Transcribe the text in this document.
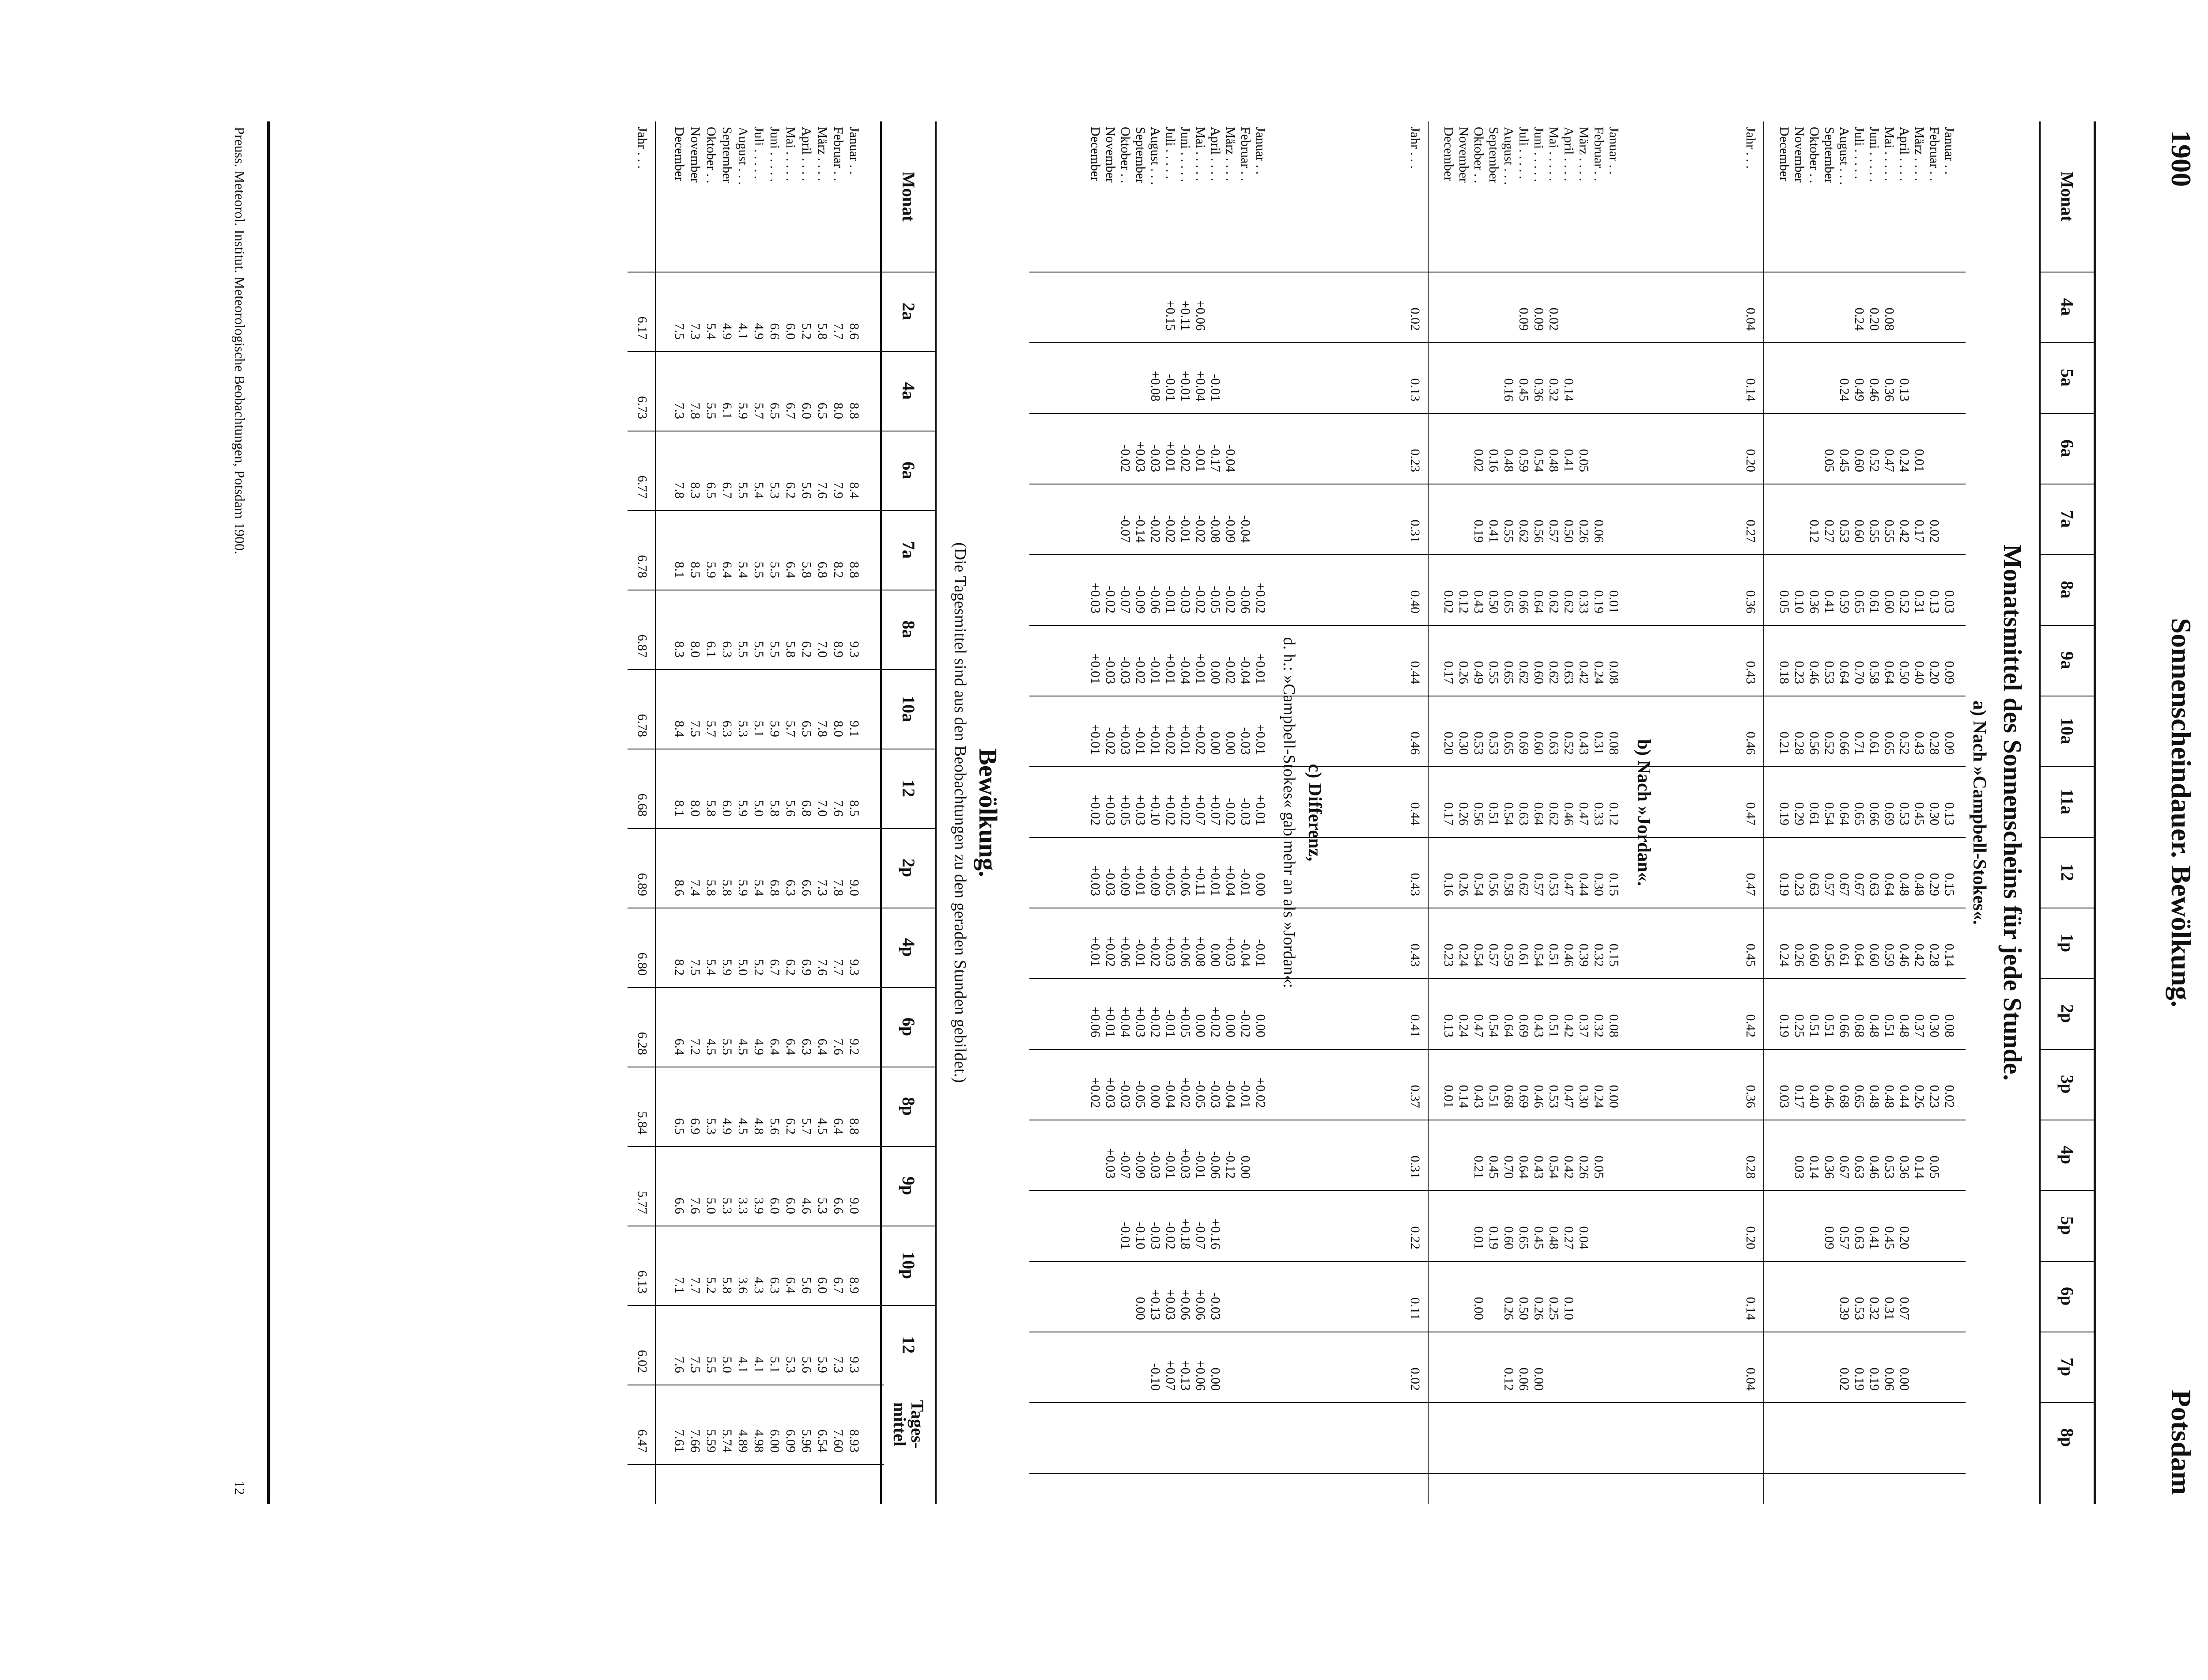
1900
Sonnenscheindauer. Bewölkung.
Potsdam
Monat
4a
5a
6a
7a
8a
9a
10a
11a
12
1p
2p
3p
4p
5p
6p
7p
8p
Monatsmittel des Sonnenscheins für jede Stunde.
a) Nach »Campbell-Stokes«.
Januar . .
0.03
0.09
0.09
0.13
0.15
0.14
0.08
0.02
Februar . .
0.02
0.13
0.20
0.28
0.30
0.29
0.28
0.30
0.23
0.05
März . . . .
0.01
0.17
0.31
0.40
0.43
0.45
0.48
0.42
0.37
0.26
0.14
April . . . .
0.13
0.24
0.42
0.52
0.50
0.52
0.53
0.48
0.46
0.48
0.44
0.36
0.20
0.07
0.00
Mai . . . . .
0.08
0.36
0.47
0.55
0.60
0.64
0.65
0.69
0.64
0.59
0.51
0.48
0.53
0.45
0.31
0.06
Juni . . . . .
0.20
0.46
0.52
0.55
0.61
0.58
0.61
0.66
0.63
0.60
0.48
0.48
0.46
0.41
0.32
0.19
Juli . . . . .
0.24
0.49
0.60
0.60
0.65
0.70
0.71
0.65
0.67
0.64
0.68
0.65
0.63
0.63
0.53
0.19
August . . .
0.24
0.45
0.53
0.59
0.64
0.66
0.64
0.67
0.61
0.66
0.68
0.67
0.57
0.39
0.02
September
0.05
0.27
0.41
0.53
0.52
0.54
0.57
0.56
0.51
0.46
0.36
0.09
Oktober . .
0.12
0.36
0.46
0.56
0.61
0.63
0.60
0.51
0.40
0.14
November
0.10
0.23
0.28
0.29
0.23
0.26
0.25
0.17
0.03
December
0.05
0.18
0.21
0.19
0.19
0.24
0.19
0.03
Jahr . . .
0.04
0.14
0.20
0.27
0.36
0.43
0.46
0.47
0.47
0.45
0.42
0.36
0.28
0.20
0.14
0.04
b) Nach »Jordan«.
Januar . .
0.01
0.08
0.08
0.12
0.15
0.15
0.08
0.00
Februar . .
0.06
0.19
0.24
0.31
0.33
0.30
0.32
0.32
0.24
0.05
März . . . .
0.05
0.26
0.33
0.42
0.43
0.47
0.44
0.39
0.37
0.30
0.26
0.04
April . . . .
0.14
0.41
0.50
0.62
0.63
0.52
0.46
0.47
0.46
0.42
0.47
0.42
0.27
0.10
Mai . . . . .
0.02
0.32
0.48
0.57
0.62
0.62
0.63
0.62
0.53
0.51
0.51
0.53
0.54
0.48
0.25
Juni . . . . .
0.09
0.36
0.54
0.56
0.64
0.60
0.60
0.64
0.57
0.54
0.43
0.46
0.43
0.45
0.26
0.00
Juli . . . . .
0.09
0.45
0.59
0.62
0.66
0.62
0.69
0.63
0.62
0.61
0.69
0.69
0.64
0.65
0.50
0.06
August . . .
0.16
0.48
0.55
0.65
0.65
0.65
0.54
0.58
0.59
0.64
0.68
0.70
0.60
0.26
0.12
September
0.16
0.41
0.50
0.55
0.53
0.51
0.56
0.57
0.54
0.51
0.45
0.19
Oktober . .
0.02
0.19
0.43
0.49
0.53
0.56
0.54
0.54
0.47
0.43
0.21
0.01
0.00
November
0.12
0.26
0.30
0.26
0.26
0.24
0.24
0.14
December
0.02
0.17
0.20
0.17
0.16
0.23
0.13
0.01
Jahr . . .
0.02
0.13
0.23
0.31
0.40
0.44
0.46
0.44
0.43
0.43
0.41
0.37
0.31
0.22
0.11
0.02
c) Differenz,
d. h.: »Campbell-Stokes« gab mehr an als »Jordan«:
Januar . .
+0.02
+0.01
+0.01
+0.01
0.00
-0.01
0.00
+0.02
Februar . .
-0.04
-0.06
-0.04
-0.03
-0.03
-0.01
-0.04
-0.02
-0.01
0.00
März . . . .
-0.04
-0.09
-0.02
-0.02
0.00
-0.02
+0.04
+0.03
0.00
-0.04
-0.12
April . . . .
-0.01
-0.17
-0.08
-0.05
0.00
0.00
+0.07
+0.01
0.00
+0.02
-0.03
-0.06
+0.16
-0.03
0.00
Mai . . . . .
+0.06
+0.04
-0.01
-0.02
-0.02
+0.01
+0.02
+0.07
+0.11
+0.08
0.00
-0.05
-0.01
-0.07
+0.06
+0.06
Juni . . . . .
+0.11
+0.01
-0.02
-0.01
-0.03
-0.04
+0.01
+0.02
+0.06
+0.06
+0.05
+0.02
+0.03
+0.18
+0.06
+0.13
Juli . . . . .
+0.15
-0.01
+0.01
-0.02
-0.01
+0.01
+0.02
+0.02
+0.05
+0.03
-0.01
-0.04
-0.01
-0.02
+0.03
+0.07
August . . .
+0.08
-0.03
-0.02
-0.06
-0.01
+0.01
+0.10
+0.09
+0.02
+0.02
0.00
-0.03
-0.03
+0.13
-0.10
September
+0.03
-0.14
-0.09
-0.02
-0.01
+0.03
+0.01
-0.01
+0.03
-0.05
-0.09
-0.10
0.00
Oktober . .
-0.02
-0.07
-0.07
-0.03
+0.03
+0.05
+0.09
+0.06
+0.04
-0.03
-0.07
-0.01
November
-0.02
-0.03
-0.02
+0.03
-0.03
+0.02
+0.01
+0.03
+0.03
December
+0.03
+0.01
+0.01
+0.02
+0.03
+0.01
+0.06
+0.02
Bewölkung.
(Die Tagesmittel sind aus den Beobachtungen zu den geraden Stunden gebildet.)
Monat
2a
4a
6a
7a
8a
10a
12
2p
4p
6p
8p
9p
10p
12
Tages-mittel
Januar . .
8.6
8.8
8.4
8.8
9.3
9.1
8.5
9.0
9.3
9.2
8.8
9.0
8.9
9.3
8.93
Februar . .
7.7
8.0
7.9
8.2
8.9
8.0
7.6
7.8
7.7
7.6
6.4
6.6
6.7
7.3
7.60
März . . . .
5.8
6.5
7.6
6.8
7.0
7.8
7.0
7.3
7.6
6.4
4.5
5.3
6.0
5.9
6.54
April . . . .
5.2
6.0
5.6
5.8
6.2
6.5
6.8
6.6
6.9
6.3
5.7
4.6
5.6
5.6
5.96
Mai . . . . .
6.0
6.7
6.2
6.4
5.8
5.7
5.6
6.3
6.2
6.4
6.2
6.0
6.4
5.3
6.09
Juni . . . . .
6.6
6.5
5.3
5.5
5.5
5.9
5.8
6.8
6.7
6.4
5.6
6.0
6.3
5.1
6.00
Juli . . . . .
4.9
5.7
5.4
5.5
5.5
5.1
5.0
5.4
5.2
4.9
4.8
3.9
4.3
4.1
4.98
August . . .
4.1
5.9
5.5
5.4
5.5
5.3
5.9
5.9
5.0
4.5
4.5
3.3
3.6
4.1
4.89
September
4.9
6.1
6.7
6.4
6.3
6.3
6.0
5.8
5.9
5.5
4.9
5.3
5.8
5.0
5.74
Oktober . .
5.4
5.5
6.5
5.9
6.1
5.7
5.8
5.8
5.4
4.5
5.3
5.0
5.2
5.5
5.59
November
7.3
7.8
8.3
8.5
8.0
7.5
8.0
7.4
7.5
7.2
6.9
7.6
7.7
7.5
7.66
December
7.5
7.3
7.8
8.1
8.3
8.4
8.1
8.6
8.2
6.4
6.5
6.6
7.1
7.6
7.61
Jahr . . .
6.17
6.73
6.77
6.78
6.87
6.78
6.68
6.89
6.80
6.28
5.84
5.77
6.13
6.02
6.47
Preuss. Meteorol. Institut. Meteorologische Beobachtungen, Potsdam 1900.
12
